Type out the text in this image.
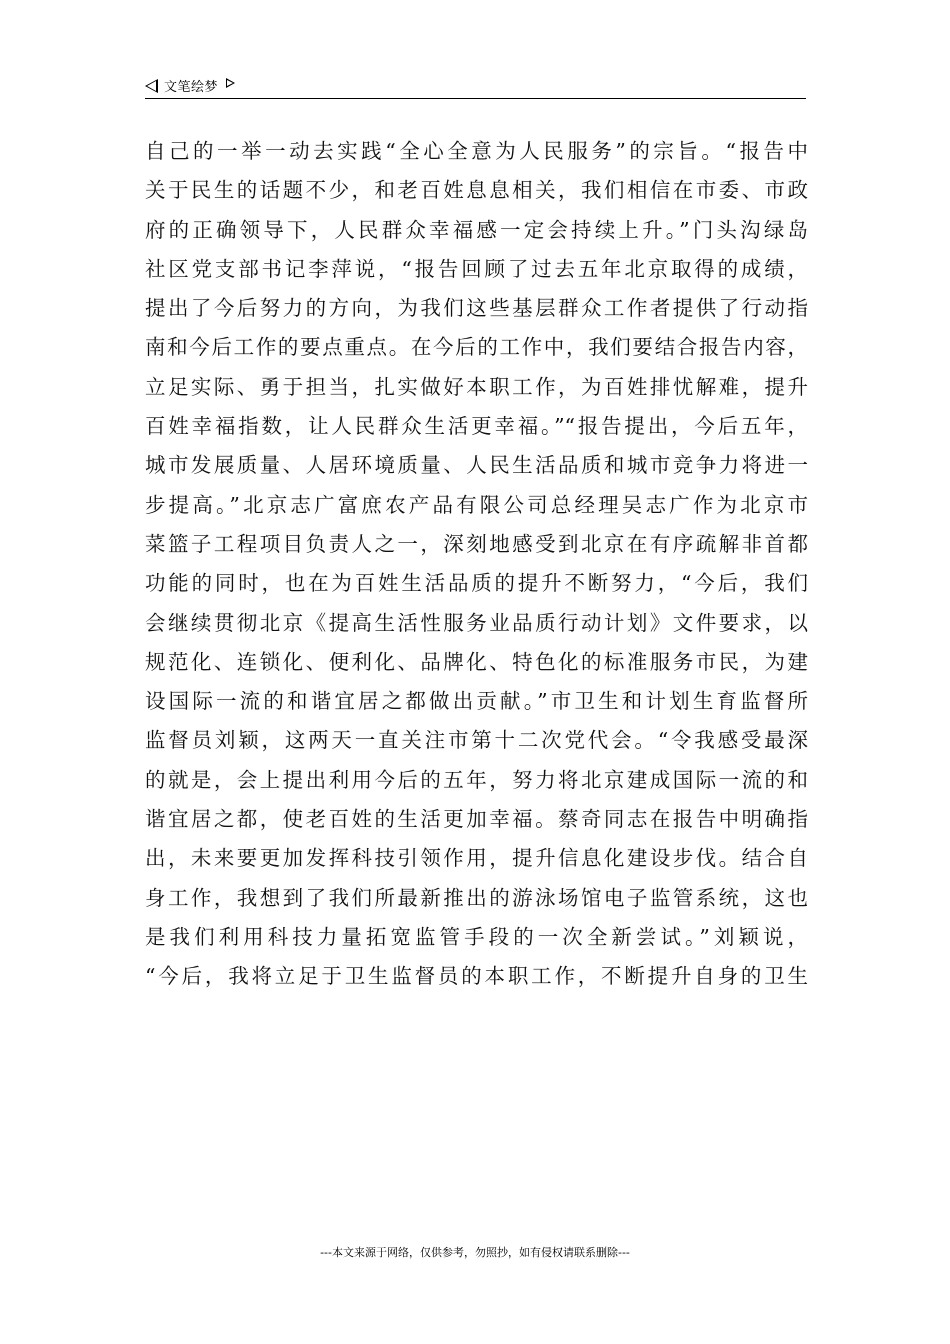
文笔绘梦
自己的一举一动去实践“全心全意为人民服务”的宗旨。“报告中
关于民生的话题不少，和老百姓息息相关，我们相信在市委、市政
府的正确领导下，人民群众幸福感一定会持续上升。”门头沟绿岛
社区党支部书记李萍说，“报告回顾了过去五年北京取得的成绩，
提出了今后努力的方向，为我们这些基层群众工作者提供了行动指
南和今后工作的要点重点。在今后的工作中，我们要结合报告内容，
立足实际、勇于担当，扎实做好本职工作，为百姓排忧解难，提升
百姓幸福指数，让人民群众生活更幸福。”“报告提出，今后五年，
城市发展质量、人居环境质量、人民生活品质和城市竞争力将进一
步提高。”北京志广富庶农产品有限公司总经理吴志广作为北京市
菜篮子工程项目负责人之一，深刻地感受到北京在有序疏解非首都
功能的同时，也在为百姓生活品质的提升不断努力，“今后，我们
会继续贯彻北京《提高生活性服务业品质行动计划》文件要求，以
规范化、连锁化、便利化、品牌化、特色化的标准服务市民，为建
设国际一流的和谐宜居之都做出贡献。”市卫生和计划生育监督所
监督员刘颖，这两天一直关注市第十二次党代会。“令我感受最深
的就是，会上提出利用今后的五年，努力将北京建成国际一流的和
谐宜居之都，使老百姓的生活更加幸福。蔡奇同志在报告中明确指
出，未来要更加发挥科技引领作用，提升信息化建设步伐。结合自
身工作，我想到了我们所最新推出的游泳场馆电子监管系统，这也
是我们利用科技力量拓宽监管手段的一次全新尝试。”刘颖说，
“今后，我将立足于卫生监督员的本职工作，不断提升自身的卫生
---本文来源于网络，仅供参考，勿照抄，如有侵权请联系删除---
